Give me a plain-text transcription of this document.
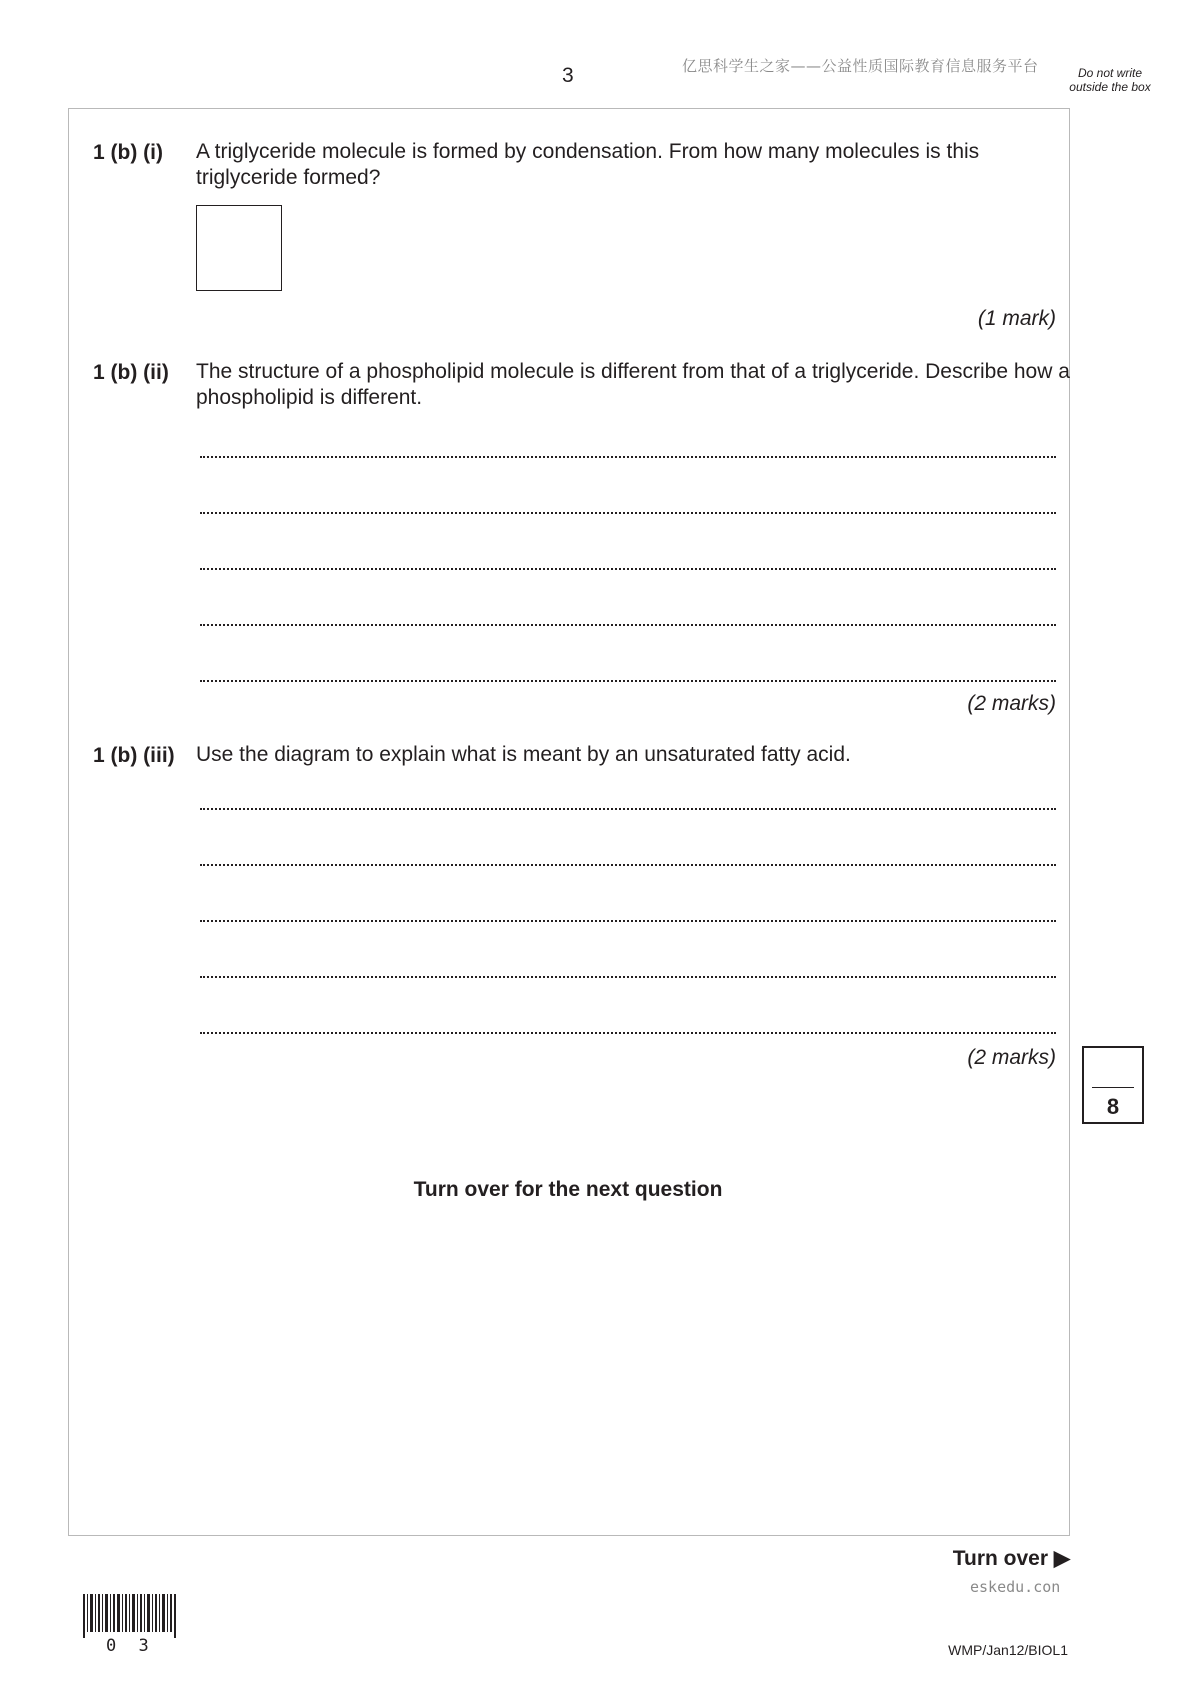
3	亿思科学生之家——公益性质国际教育信息服务平台	Do not write outside the box
1 (b) (i) A triglyceride molecule is formed by condensation. From how many molecules is this triglyceride formed?
(1 mark)
1 (b) (ii) The structure of a phospholipid molecule is different from that of a triglyceride. Describe how a phospholipid is different.
(2 marks)
1 (b) (iii) Use the diagram to explain what is meant by an unsaturated fatty acid.
(2 marks)
8
Turn over for the next question
Turn over ▶
eskedu.con
WMP/Jan12/BIOL1
0 3
